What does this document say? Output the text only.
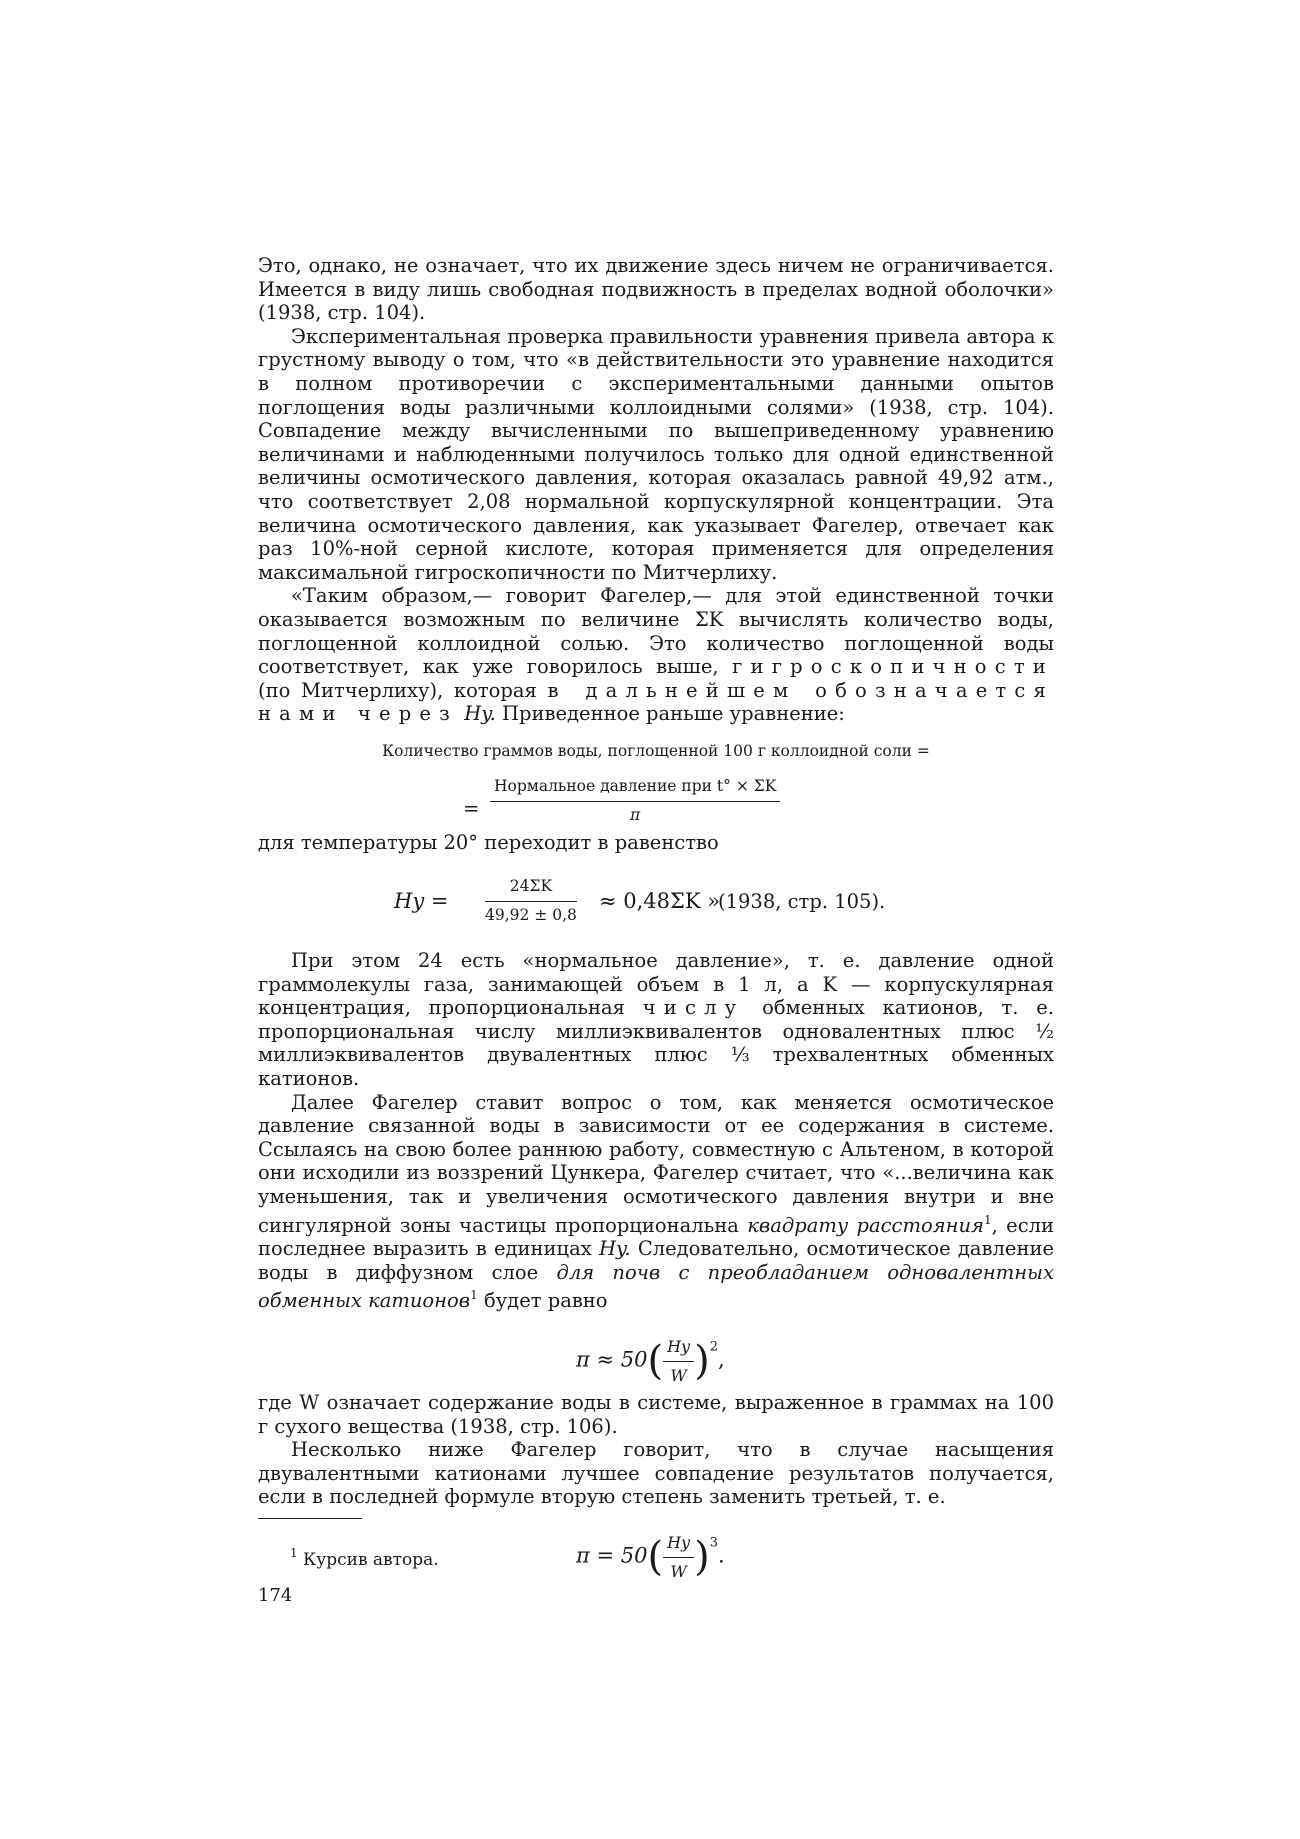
Это, однако, не означает, что их движение здесь ничем не ограничивается. Имеется в виду лишь свободная подвижность в пределах водной оболочки» (1938, стр. 104).

Экспериментальная проверка правильности уравнения привела автора к грустному выводу о том, что «в действительности это уравнение находится в полном противоречии с экспериментальными данными опытов поглощения воды различными коллоидными солями» (1938, стр. 104). Совпадение между вычисленными по вышеприведенному уравнению величинами и наблюденными получилось только для одной единственной величины осмотического давления, которая оказалась равной 49,92 атм., что соответствует 2,08 нормальной корпускулярной концентрации. Эта величина осмотического давления, как указывает Фагелер, отвечает как раз 10%-ной серной кислоте, которая применяется для определения максимальной гигроскопичности по Митчерлиху.

«Таким образом,— говорит Фагелер,— для этой единственной точки оказывается возможным по величине ΣK вычислять количество воды, поглощенной коллоидной солью. Это количество поглощенной воды соответствует, как уже говорилось выше, гигроскопичности (по Митчерлиху), которая в дальнейшем обозначается нами через Hy. Приведенное раньше уравнение:

Количество граммов воды, поглощенной 100 г коллоидной соли =
=
Нормальное давление при t° × ΣK
π

для температуры 20° переходит в равенство

$Hy = \frac{24\Sigma K}{49,92 \pm 0,8} \approx 0,48\Sigma K$ »
(1938, стр. 105).

При этом 24 есть «нормальное давление», т. е. давление одной граммолекулы газа, занимающей объем в 1 л, а K — корпускулярная концентрация, пропорциональная числу обменных катионов, т. е. пропорциональная числу миллиэквивалентов одновалентных плюс ½ миллиэквивалентов двувалентных плюс ⅓ трехвалентных обменных катионов.

Далее Фагелер ставит вопрос о том, как меняется осмотическое давление связанной воды в зависимости от ее содержания в системе. Ссылаясь на свою более раннюю работу, совместную с Альтеном, в которой они исходили из воззрений Цункера, Фагелер считает, что «...величина как уменьшения, так и увеличения осмотического давления внутри и вне сингулярной зоны частицы пропорциональна квадрату расстояния$^1$, если последнее выразить в единицах Hy. Следовательно, осмотическое давление воды в диффузном слое для почв с преобладанием одновалентных обменных катионов$^1$ будет равно

$\pi \approx 50( \frac{Hy}{W} )^2$,

где W означает содержание воды в системе, выраженное в граммах на 100 г сухого вещества (1938, стр. 106).

Несколько ниже Фагелер говорит, что в случае насыщения двувалентными катионами лучшее совпадение результатов получается, если в последней формуле вторую степень заменить третьей, т. е.

$\pi = 50( \frac{Hy}{W} )^3$.
$^1$ Курсив автора.
174
